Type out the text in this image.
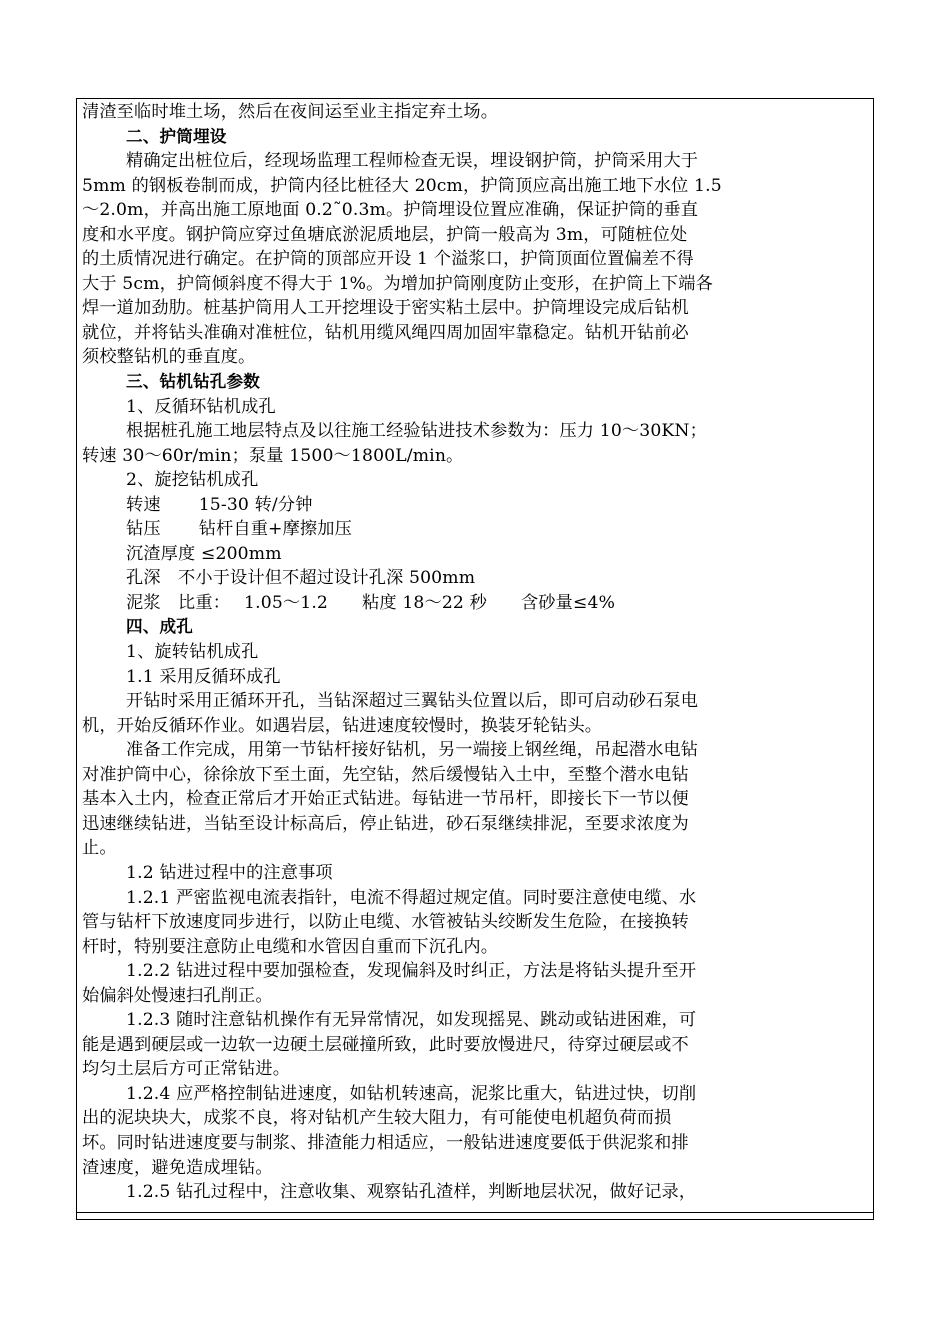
清渣至临时堆土场，然后在夜间运至业主指定弃土场。
二、护筒埋设
精确定出桩位后，经现场监理工程师检查无误，埋设钢护筒，护筒采用大于
5mm 的钢板卷制而成，护筒内径比桩径大 20cm，护筒顶应高出施工地下水位 1.5
～2.0m，并高出施工原地面 0.2˜0.3m。护筒埋设位置应准确，保证护筒的垂直
度和水平度。钢护筒应穿过鱼塘底淤泥质地层，护筒一般高为 3m，可随桩位处
的土质情况进行确定。在护筒的顶部应开设 1 个溢浆口，护筒顶面位置偏差不得
大于 5cm，护筒倾斜度不得大于 1%。为增加护筒刚度防止变形，在护筒上下端各
焊一道加劲肋。桩基护筒用人工开挖埋设于密实粘土层中。护筒埋设完成后钻机
就位，并将钻头准确对准桩位，钻机用缆风绳四周加固牢靠稳定。钻机开钻前必
须校整钻机的垂直度。
三、钻机钻孔参数
1、反循环钻机成孔
根据桩孔施工地层特点及以往施工经验钻进技术参数为：压力 10～30KN；
转速 30～60r/min；泵量 1500～1800L/min。
2、旋挖钻机成孔
转速 15-30 转/分钟
钻压 钻杆自重+摩擦加压
沉渣厚度 ≤200mm
孔深　不小于设计但不超过设计孔深 500mm
泥浆　比重： 1.05～1.2 粘度 18～22 秒 含砂量≤4%
四、成孔
1、旋转钻机成孔
1.1 采用反循环成孔
开钻时采用正循环开孔，当钻深超过三翼钻头位置以后，即可启动砂石泵电
机，开始反循环作业。如遇岩层，钻进速度较慢时，换装牙轮钻头。
准备工作完成，用第一节钻杆接好钻机，另一端接上钢丝绳，吊起潜水电钻
对准护筒中心，徐徐放下至土面，先空钻，然后缓慢钻入土中，至整个潜水电钻
基本入土内，检查正常后才开始正式钻进。每钻进一节吊杆，即接长下一节以便
迅速继续钻进，当钻至设计标高后，停止钻进，砂石泵继续排泥，至要求浓度为
止。
1.2 钻进过程中的注意事项
1.2.1 严密监视电流表指针，电流不得超过规定值。同时要注意使电缆、水
管与钻杆下放速度同步进行，以防止电缆、水管被钻头绞断发生危险，在接换转
杆时，特别要注意防止电缆和水管因自重而下沉孔内。
1.2.2 钻进过程中要加强检查，发现偏斜及时纠正，方法是将钻头提升至开
始偏斜处慢速扫孔削正。
1.2.3 随时注意钻机操作有无异常情况，如发现摇晃、跳动或钻进困难，可
能是遇到硬层或一边软一边硬土层碰撞所致，此时要放慢进尺，待穿过硬层或不
均匀土层后方可正常钻进。
1.2.4 应严格控制钻进速度，如钻机转速高，泥浆比重大，钻进过快，切削
出的泥块块大，成浆不良，将对钻机产生较大阻力，有可能使电机超负荷而损
坏。同时钻进速度要与制浆、排渣能力相适应，一般钻进速度要低于供泥浆和排
渣速度，避免造成埋钻。
1.2.5 钻孔过程中，注意收集、观察钻孔渣样，判断地层状况，做好记录，
